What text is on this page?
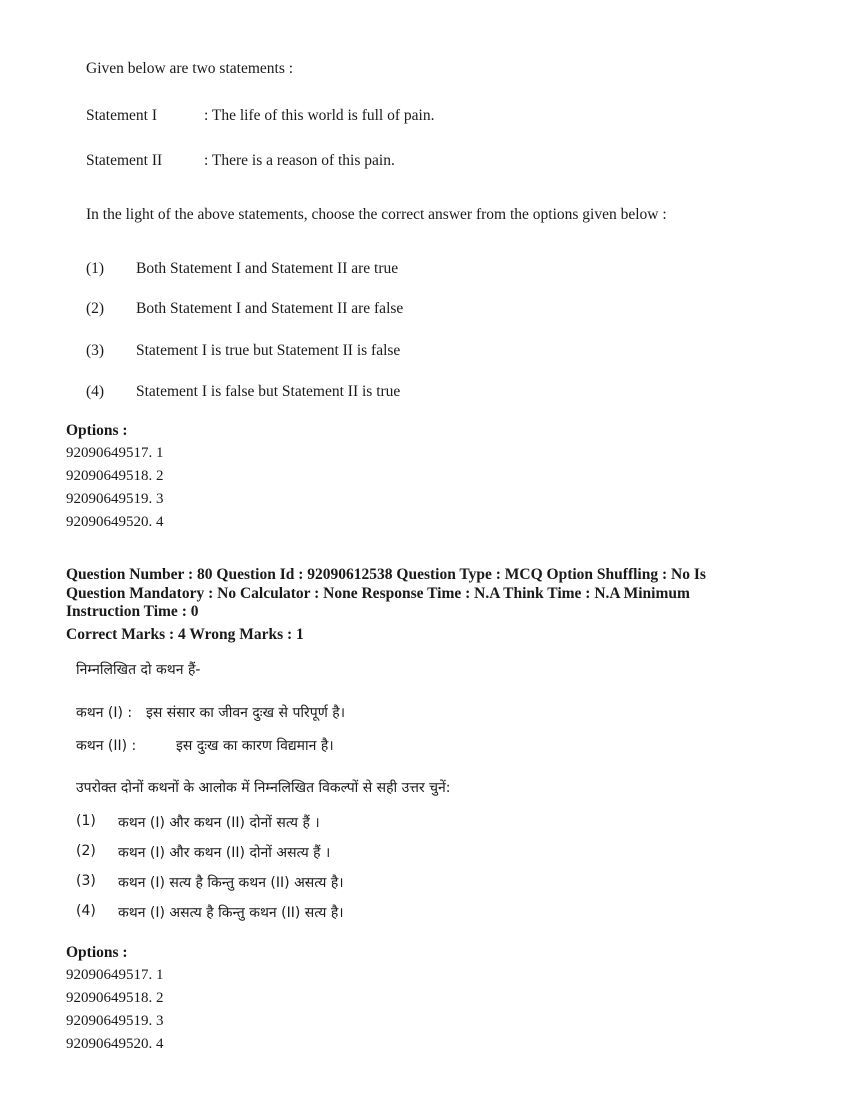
Given below are two statements :
Statement I	: The life of this world is full of pain.
Statement II	: There is a reason of this pain.
In the light of the above statements, choose the correct answer from the options given below :
(1) Both Statement I and Statement II are true
(2) Both Statement I and Statement II are false
(3) Statement I is true but Statement II is false
(4) Statement I is false but Statement II is true
Options :
92090649517. 1
92090649518. 2
92090649519. 3
92090649520. 4
Question Number : 80 Question Id : 92090612538 Question Type : MCQ Option Shuffling : No Is
Question Mandatory : No Calculator : None Response Time : N.A Think Time : N.A Minimum
Instruction Time : 0
Correct Marks : 4 Wrong Marks : 1
निम्नलिखित दो कथन हैं-
कथन (I) : इस संसार का जीवन दुःख से परिपूर्ण है।
कथन (II) :	इस दुःख का कारण विद्यमान है।
उपरोक्त दोनों कथनों के आलोक में निम्नलिखित विकल्पों से सही उत्तर चुनें:
(1) कथन (I) और कथन (II) दोनों सत्य हैं ।
(2) कथन (I) और कथन (II) दोनों असत्य हैं ।
(3) कथन (I) सत्य है किन्तु कथन (II) असत्य है।
(4) कथन (I) असत्य है किन्तु कथन (II) सत्य है।
Options :
92090649517. 1
92090649518. 2
92090649519. 3
92090649520. 4
